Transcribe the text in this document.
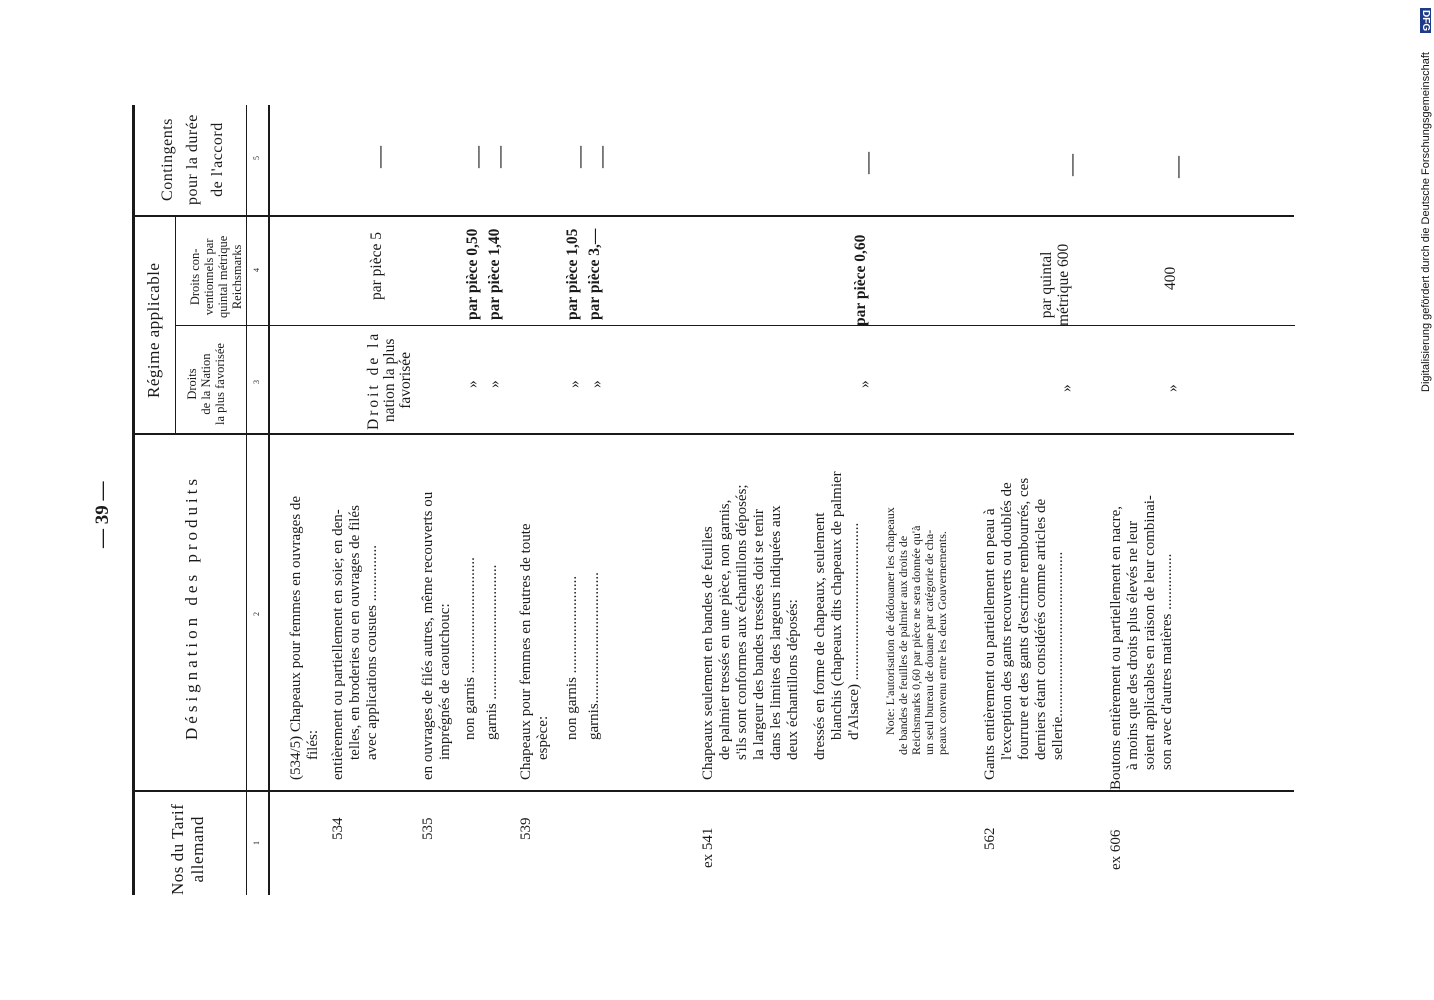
DFG
Digitalisierung gefördert durch die Deutsche Forschungsgemeinschaft
— 39 —
Nos du Tarif allemand
Désignation des produits
Régime applicable Droits de la Nation la plus favorisée
Droits con- ventionnels par quintal métrique Reichsmarks
Contingents pour la durée de l'accord
1
2
3
4
5
(534/5) Chapeaux pour femmes en ouvrages de filés:
534
entièrement ou partiellement en soie; en den- telles, en broderies ou en ouvrages de filés avec applications cousues ...............
Droit de la nation la plus favorisée
par pièce 5
—
535
en ouvrages de filés autres, même recouverts ou imprégnés de caoutchouc: non garnis ............................... garnis ....................................
» »
par pièce 0,50 par pièce 1,40
—
—
539
Chapeaux pour femmes en feutres de toute espèce: non garnis .......................... garnis...................................
» »
par pièce 1,05 par pièce 3,—
—
—
ex 541
Chapeaux seulement en bandes de feuilles de palmier tressés en une pièce, non garnis, s'ils sont conformes aux échantillons déposés; la largeur des bandes tressées doit se tenir dans les limites des largeurs indiquées aux deux échantillons déposés: dressés en forme de chapeaux, seulement blanchis (chapeaux dits chapeaux de palmier d'Alsace) ..........................................
»
par pièce 0,60
—
Note: L'autorisation de dédouaner les chapeaux de bandes de feuilles de palmier aux droits de Reichsmarks 0,60 par pièce ne sera donnée qu'à un seul bureau de douane par catégorie de cha- peaux convenu entre les deux Gouvernements.
562
Gants entièrement ou partiellement en peau à l'exception des gants recouverts ou doublés de fourrure et des gants d'escrime rembourrés, ces derniers étant considérés comme articles de sellerie............................................
»
par quintal métrique 600
—
ex 606
Boutons entièrement ou partiellement en nacre, à moins que des droits plus élevés ne leur soient applicables en raison de leur combinai- son avec d'autres matières ...............
»
400
—
